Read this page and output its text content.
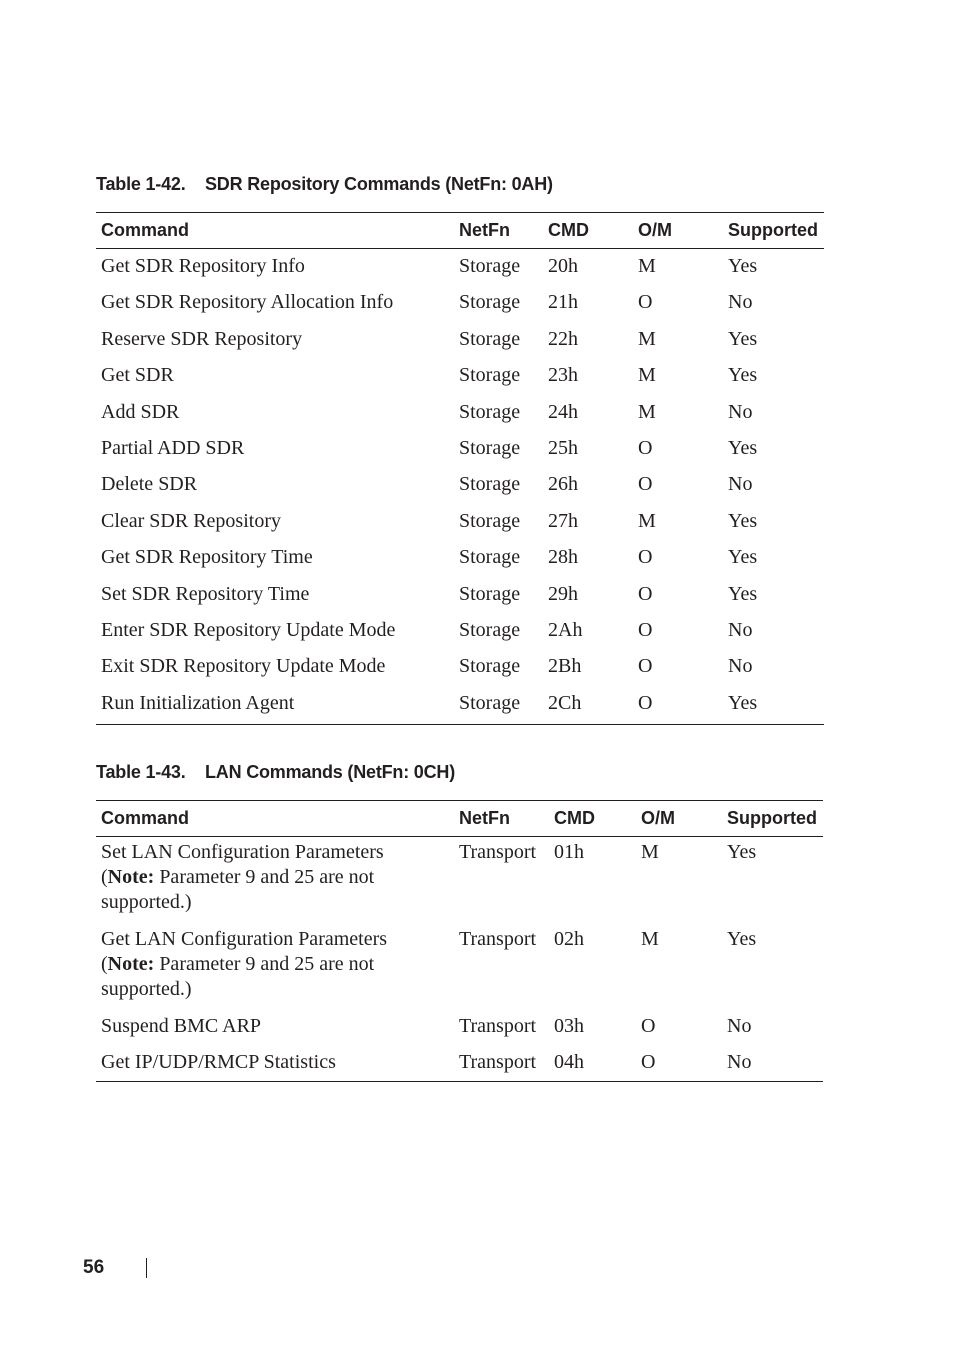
Table 1-42. SDR Repository Commands (NetFn: 0AH)
Command	NetFn	CMD	O/M	Supported
Get SDR Repository Info	Storage	20h	M	Yes
Get SDR Repository Allocation Info	Storage	21h	O	No
Reserve SDR Repository	Storage	22h	M	Yes
Get SDR	Storage	23h	M	Yes
Add SDR	Storage	24h	M	No
Partial ADD SDR	Storage	25h	O	Yes
Delete SDR	Storage	26h	O	No
Clear SDR Repository	Storage	27h	M	Yes
Get SDR Repository Time	Storage	28h	O	Yes
Set SDR Repository Time	Storage	29h	O	Yes
Enter SDR Repository Update Mode	Storage	2Ah	O	No
Exit SDR Repository Update Mode	Storage	2Bh	O	No
Run Initialization Agent	Storage	2Ch	O	Yes
Table 1-43. LAN Commands (NetFn: 0CH)
Command	NetFn	CMD	O/M	Supported
Set LAN Configuration Parameters
(Note: Parameter 9 and 25 are not supported.)	Transport	01h	M	Yes
Get LAN Configuration Parameters
(Note: Parameter 9 and 25 are not supported.)	Transport	02h	M	Yes
Suspend BMC ARP	Transport	03h	O	No
Get IP/UDP/RMCP Statistics	Transport	04h	O	No
56
